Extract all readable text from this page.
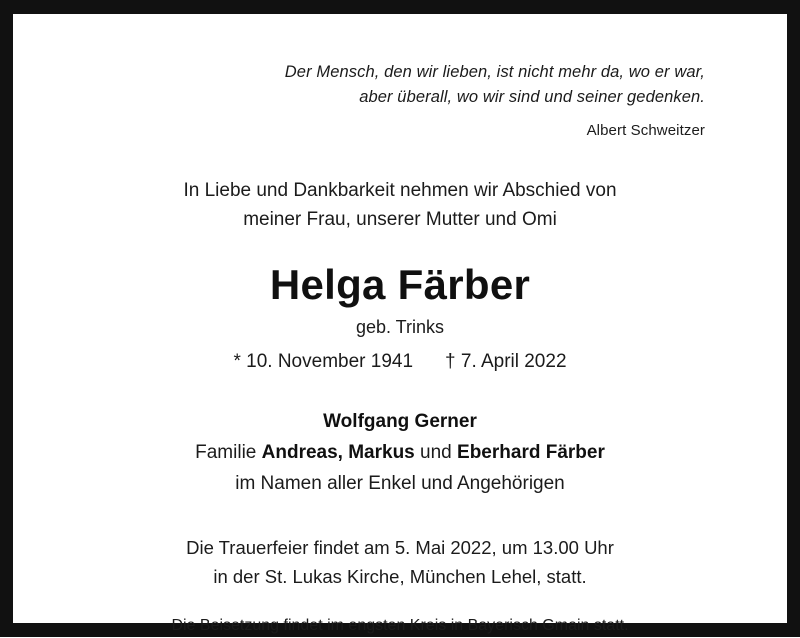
Der Mensch, den wir lieben, ist nicht mehr da, wo er war,
aber überall, wo wir sind und seiner gedenken.
Albert Schweitzer
In Liebe und Dankbarkeit nehmen wir Abschied von
meiner Frau, unserer Mutter und Omi
Helga Färber
geb. Trinks
* 10. November 1941 † 7. April 2022
Wolfgang Gerner
Familie Andreas, Markus und Eberhard Färber
im Namen aller Enkel und Angehörigen
Die Trauerfeier findet am 5. Mai 2022, um 13.00 Uhr
in der St. Lukas Kirche, München Lehel, statt.
Die Beisetzung findet im engsten Kreis in Bayerisch Gmain statt.
